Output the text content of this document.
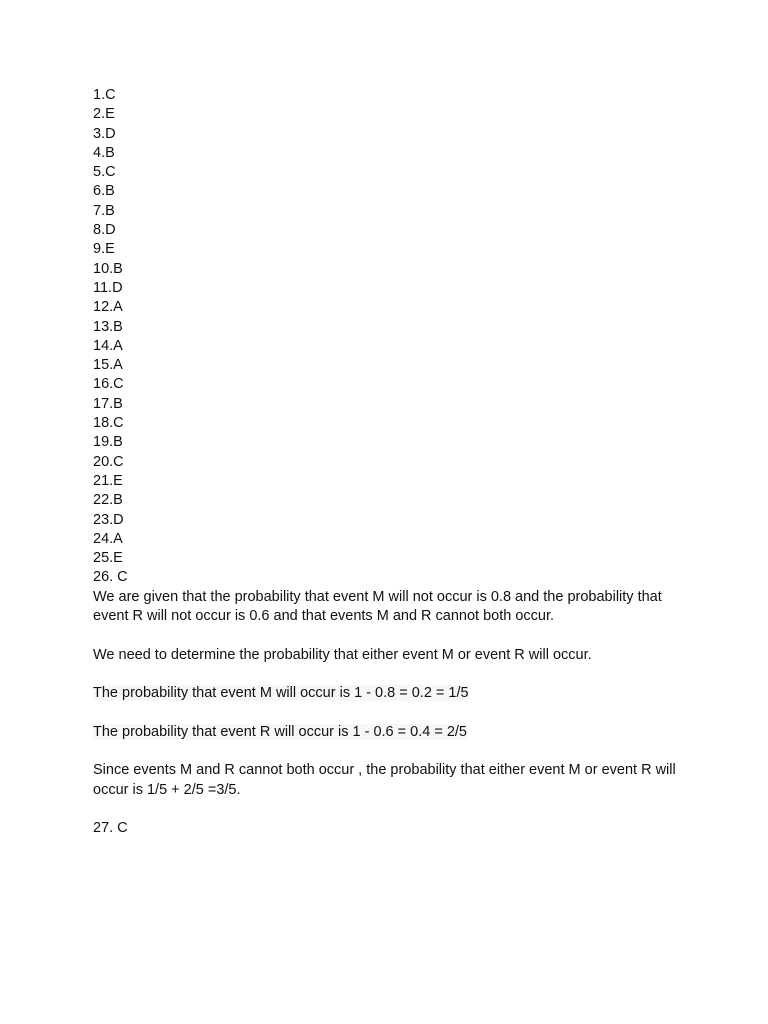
1.C
2.E
3.D
4.B
5.C
6.B
7.B
8.D
9.E
10.B
11.D
12.A
13.B
14.A
15.A
16.C
17.B
18.C
19.B
20.C
21.E
22.B
23.D
24.A
25.E
26. C
We are given that the probability that event M will not occur is 0.8 and the probability that event R will not occur is 0.6 and that events M and R cannot both occur.
We need to determine the probability that either event M or event R will occur.
The probability that event M will occur is 1 - 0.8 = 0.2 = 1/5
The probability that event R will occur is 1 - 0.6 = 0.4 = 2/5
Since events M and R cannot both occur , the probability that either event M or event R will occur is 1/5 + 2/5 =3/5.
27. C
